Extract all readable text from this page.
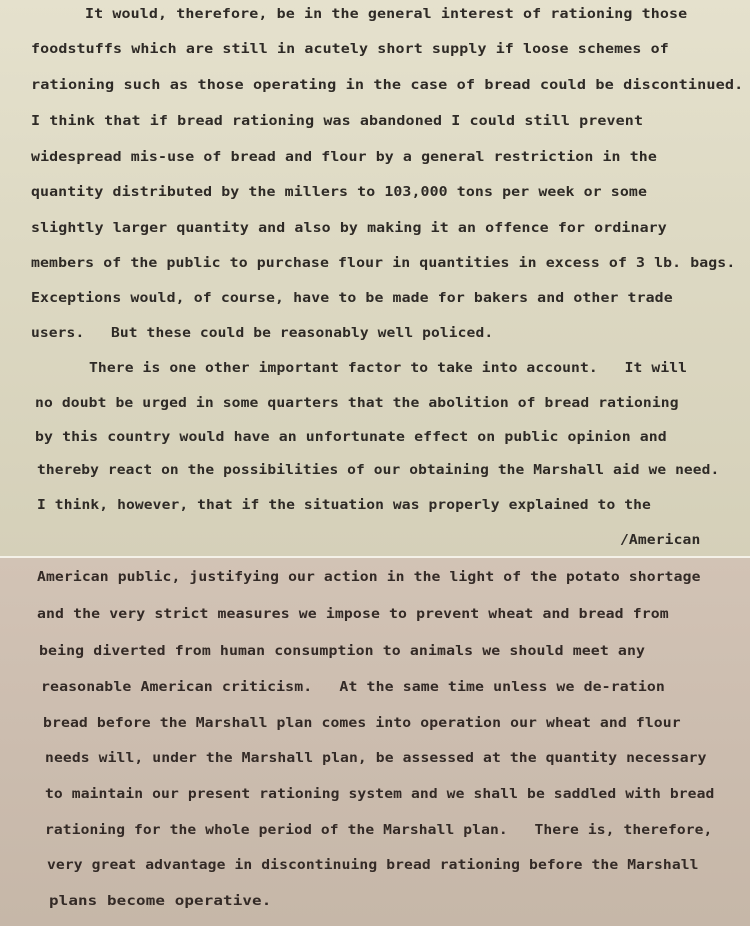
It would, therefore, be in the general interest of rationing those
foodstuffs which are still in acutely short supply if loose schemes of
rationing such as those operating in the case of bread could be discontinued.
I think that if bread rationing was abandoned I could still prevent
widespread mis-use of bread and flour by a general restriction in the
quantity distributed by the millers to 103,000 tons per week or some
slightly larger quantity and also by making it an offence for ordinary
members of the public to purchase flour in quantities in excess of 3 lb. bags.
Exceptions would, of course, have to be made for bakers and other trade
users.   But these could be reasonably well policed.
There is one other important factor to take into account.   It will
no doubt be urged in some quarters that the abolition of bread rationing
by this country would have an unfortunate effect on public opinion and
thereby react on the possibilities of our obtaining the Marshall aid we need.
I think, however, that if the situation was properly explained to the
/American
American public, justifying our action in the light of the potato shortage
and the very strict measures we impose to prevent wheat and bread from
being diverted from human consumption to animals we should meet any
reasonable American criticism.   At the same time unless we de-ration
bread before the Marshall plan comes into operation our wheat and flour
needs will, under the Marshall plan, be assessed at the quantity necessary
to maintain our present rationing system and we shall be saddled with bread
rationing for the whole period of the Marshall plan.   There is, therefore,
very great advantage in discontinuing bread rationing before the Marshall
plans become operative.
